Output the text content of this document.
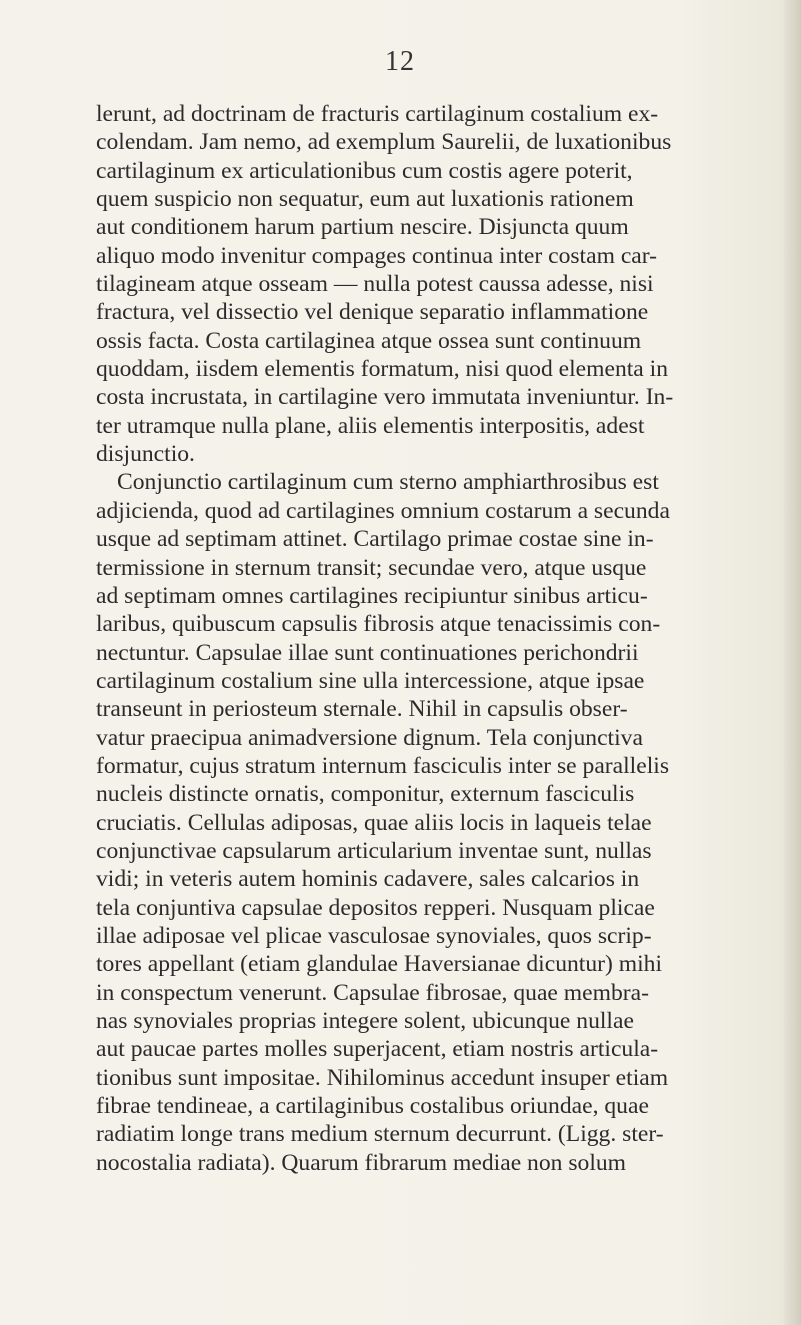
12
lerunt, ad doctrinam de fracturis cartilaginum costalium ex-
colendam. Jam nemo, ad exemplum Saurelii, de luxationibus
cartilaginum ex articulationibus cum costis agere poterit,
quem suspicio non sequatur, eum aut luxationis rationem
aut conditionem harum partium nescire. Disjuncta quum
aliquo modo invenitur compages continua inter costam car-
tilagineam atque osseam — nulla potest caussa adesse, nisi
fractura, vel dissectio vel denique separatio inflammatione
ossis facta. Costa cartilaginea atque ossea sunt continuum
quoddam, iisdem elementis formatum, nisi quod elementa in
costa incrustata, in cartilagine vero immutata inveniuntur. In-
ter utramque nulla plane, aliis elementis interpositis, adest
disjunctio.
Conjunctio cartilaginum cum sterno amphiarthrosibus est
adjicienda, quod ad cartilagines omnium costarum a secunda
usque ad septimam attinet. Cartilago primae costae sine in-
termissione in sternum transit; secundae vero, atque usque
ad septimam omnes cartilagines recipiuntur sinibus articu-
laribus, quibuscum capsulis fibrosis atque tenacissimis con-
nectuntur. Capsulae illae sunt continuationes perichondrii
cartilaginum costalium sine ulla intercessione, atque ipsae
transeunt in periosteum sternale. Nihil in capsulis obser-
vatur praecipua animadversione dignum. Tela conjunctiva
formatur, cujus stratum internum fasciculis inter se parallelis
nucleis distincte ornatis, componitur, externum fasciculis
cruciatis. Cellulas adiposas, quae aliis locis in laqueis telae
conjunctivae capsularum articularium inventae sunt, nullas
vidi; in veteris autem hominis cadavere, sales calcarios in
tela conjuntiva capsulae depositos repperi. Nusquam plicae
illae adiposae vel plicae vasculosae synoviales, quos scrip-
tores appellant (etiam glandulae Haversianae dicuntur) mihi
in conspectum venerunt. Capsulae fibrosae, quae membra-
nas synoviales proprias integere solent, ubicunque nullae
aut paucae partes molles superjacent, etiam nostris articula-
tionibus sunt impositae. Nihilominus accedunt insuper etiam
fibrae tendineae, a cartilaginibus costalibus oriundae, quae
radiatim longe trans medium sternum decurrunt. (Ligg. ster-
nocostalia radiata). Quarum fibrarum mediae non solum
